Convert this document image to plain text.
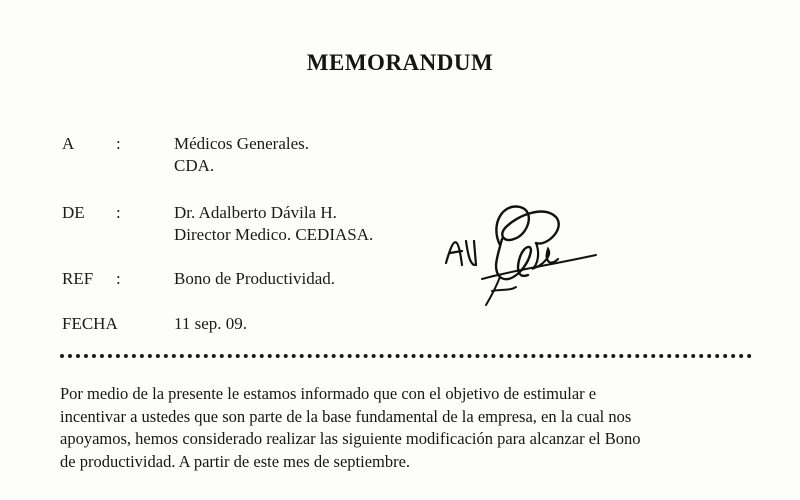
MEMORANDUM
A	:	Médicos Generales.
CDA.
DE	:	Dr. Adalberto Dávila H.
Director Medico. CEDIASA.
REF	:	Bono de Productividad.
FECHA	11 sep. 09.
Por medio de la presente le estamos informado que con el objetivo de estimular e
incentivar a ustedes que son parte de la base fundamental de la empresa, en la cual nos
apoyamos, hemos considerado realizar las siguiente modificación para alcanzar el Bono
de productividad. A partir de este mes de septiembre.
